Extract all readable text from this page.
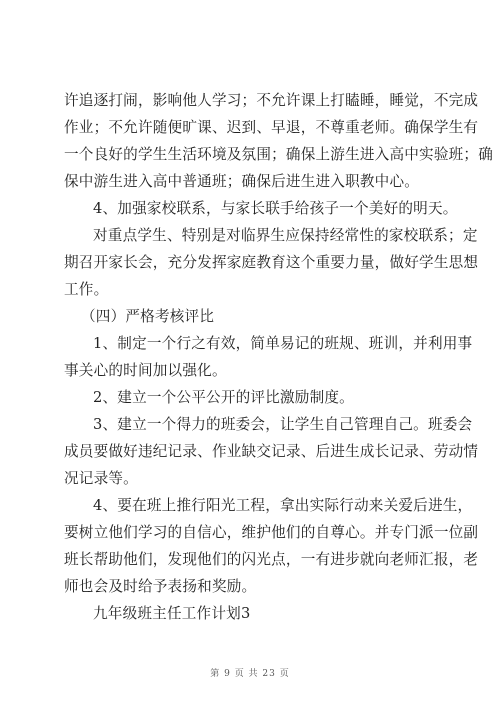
许追逐打闹，影响他人学习；不允许课上打瞌睡，睡觉，不完成
作业；不允许随便旷课、迟到、早退，不尊重老师。确保学生有
一个良好的学生生活环境及氛围；确保上游生进入高中实验班；确
保中游生进入高中普通班；确保后进生进入职教中心。
4、加强家校联系，与家长联手给孩子一个美好的明天。
对重点学生、特别是对临界生应保持经常性的家校联系；定
期召开家长会，充分发挥家庭教育这个重要力量，做好学生思想
工作。
（四）严格考核评比
1、制定一个行之有效，简单易记的班规、班训，并利用事
事关心的时间加以强化。
2、建立一个公平公开的评比激励制度。
3、建立一个得力的班委会，让学生自己管理自己。班委会
成员要做好违纪记录、作业缺交记录、后进生成长记录、劳动情
况记录等。
4、要在班上推行阳光工程，拿出实际行动来关爱后进生，
要树立他们学习的自信心，维护他们的自尊心。并专门派一位副
班长帮助他们，发现他们的闪光点，一有进步就向老师汇报，老
师也会及时给予表扬和奖励。
九年级班主任工作计划3
第 9 页 共 23 页
